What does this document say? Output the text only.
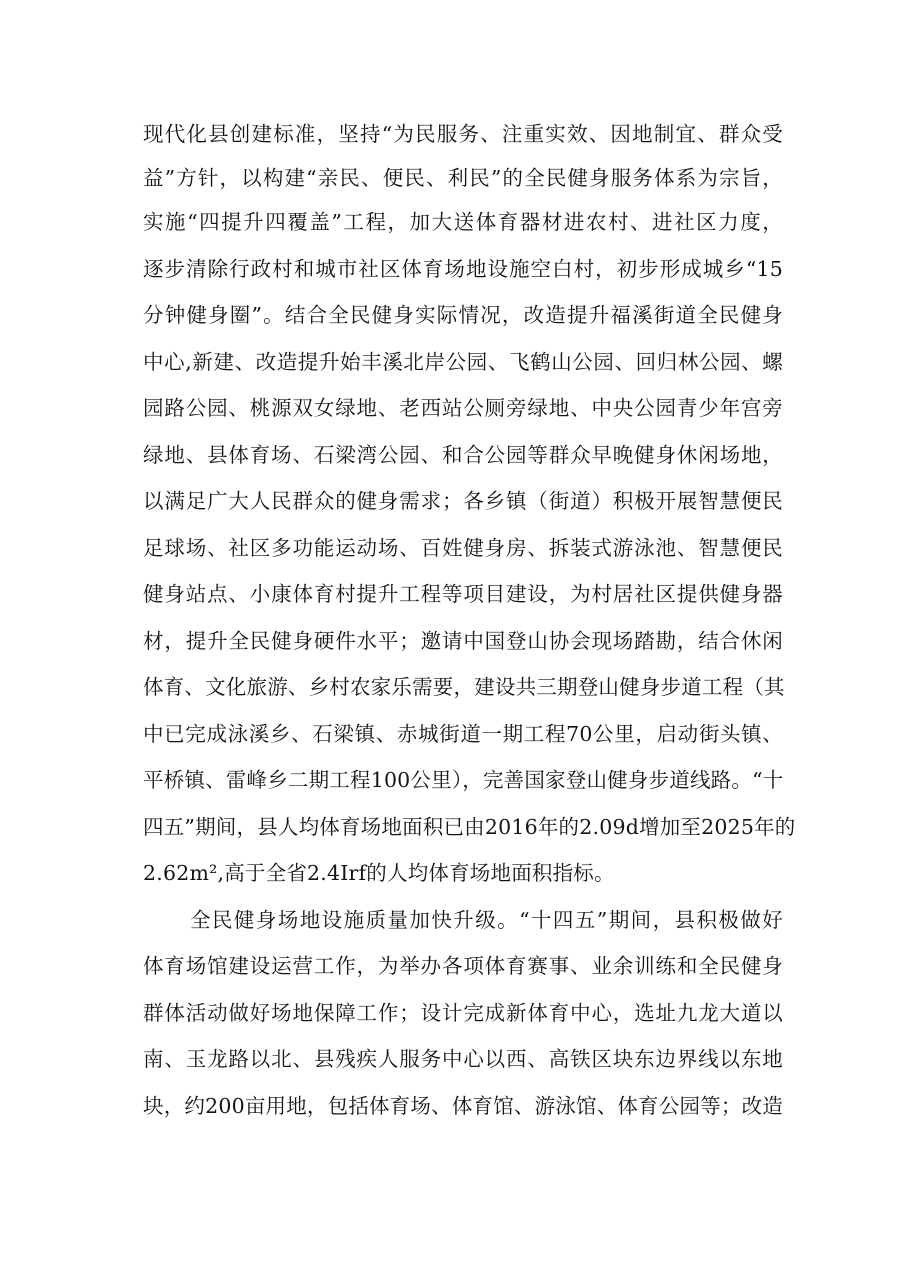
现代化县创建标准，坚持“为民服务、注重实效、因地制宜、群众受
益”方针，以构建“亲民、便民、利民”的全民健身服务体系为宗旨，
实施“四提升四覆盖”工程，加大送体育器材进农村、进社区力度，
逐步清除行政村和城市社区体育场地设施空白村，初步形成城乡“15
分钟健身圈”。结合全民健身实际情况，改造提升福溪街道全民健身
中心,新建、改造提升始丰溪北岸公园、飞鹤山公园、回归林公园、螺
园路公园、桃源双女绿地、老西站公厕旁绿地、中央公园青少年宫旁
绿地、县体育场、石梁湾公园、和合公园等群众早晚健身休闲场地，
以满足广大人民群众的健身需求；各乡镇（街道）积极开展智慧便民
足球场、社区多功能运动场、百姓健身房、拆装式游泳池、智慧便民
健身站点、小康体育村提升工程等项目建设，为村居社区提供健身器
材，提升全民健身硬件水平；邀请中国登山协会现场踏勘，结合休闲
体育、文化旅游、乡村农家乐需要，建设共三期登山健身步道工程（其
中已完成泳溪乡、石梁镇、赤城街道一期工程70公里，启动街头镇、
平桥镇、雷峰乡二期工程100公里），完善国家登山健身步道线路。“十
四五”期间，县人均体育场地面积已由2016年的2.09d增加至2025年的
2.62m²,高于全省2.4Irf的人均体育场地面积指标。
全民健身场地设施质量加快升级。“十四五”期间，县积极做好
体育场馆建设运营工作，为举办各项体育赛事、业余训练和全民健身
群体活动做好场地保障工作；设计完成新体育中心，选址九龙大道以
南、玉龙路以北、县残疾人服务中心以西、高铁区块东边界线以东地
块，约200亩用地，包括体育场、体育馆、游泳馆、体育公园等；改造
